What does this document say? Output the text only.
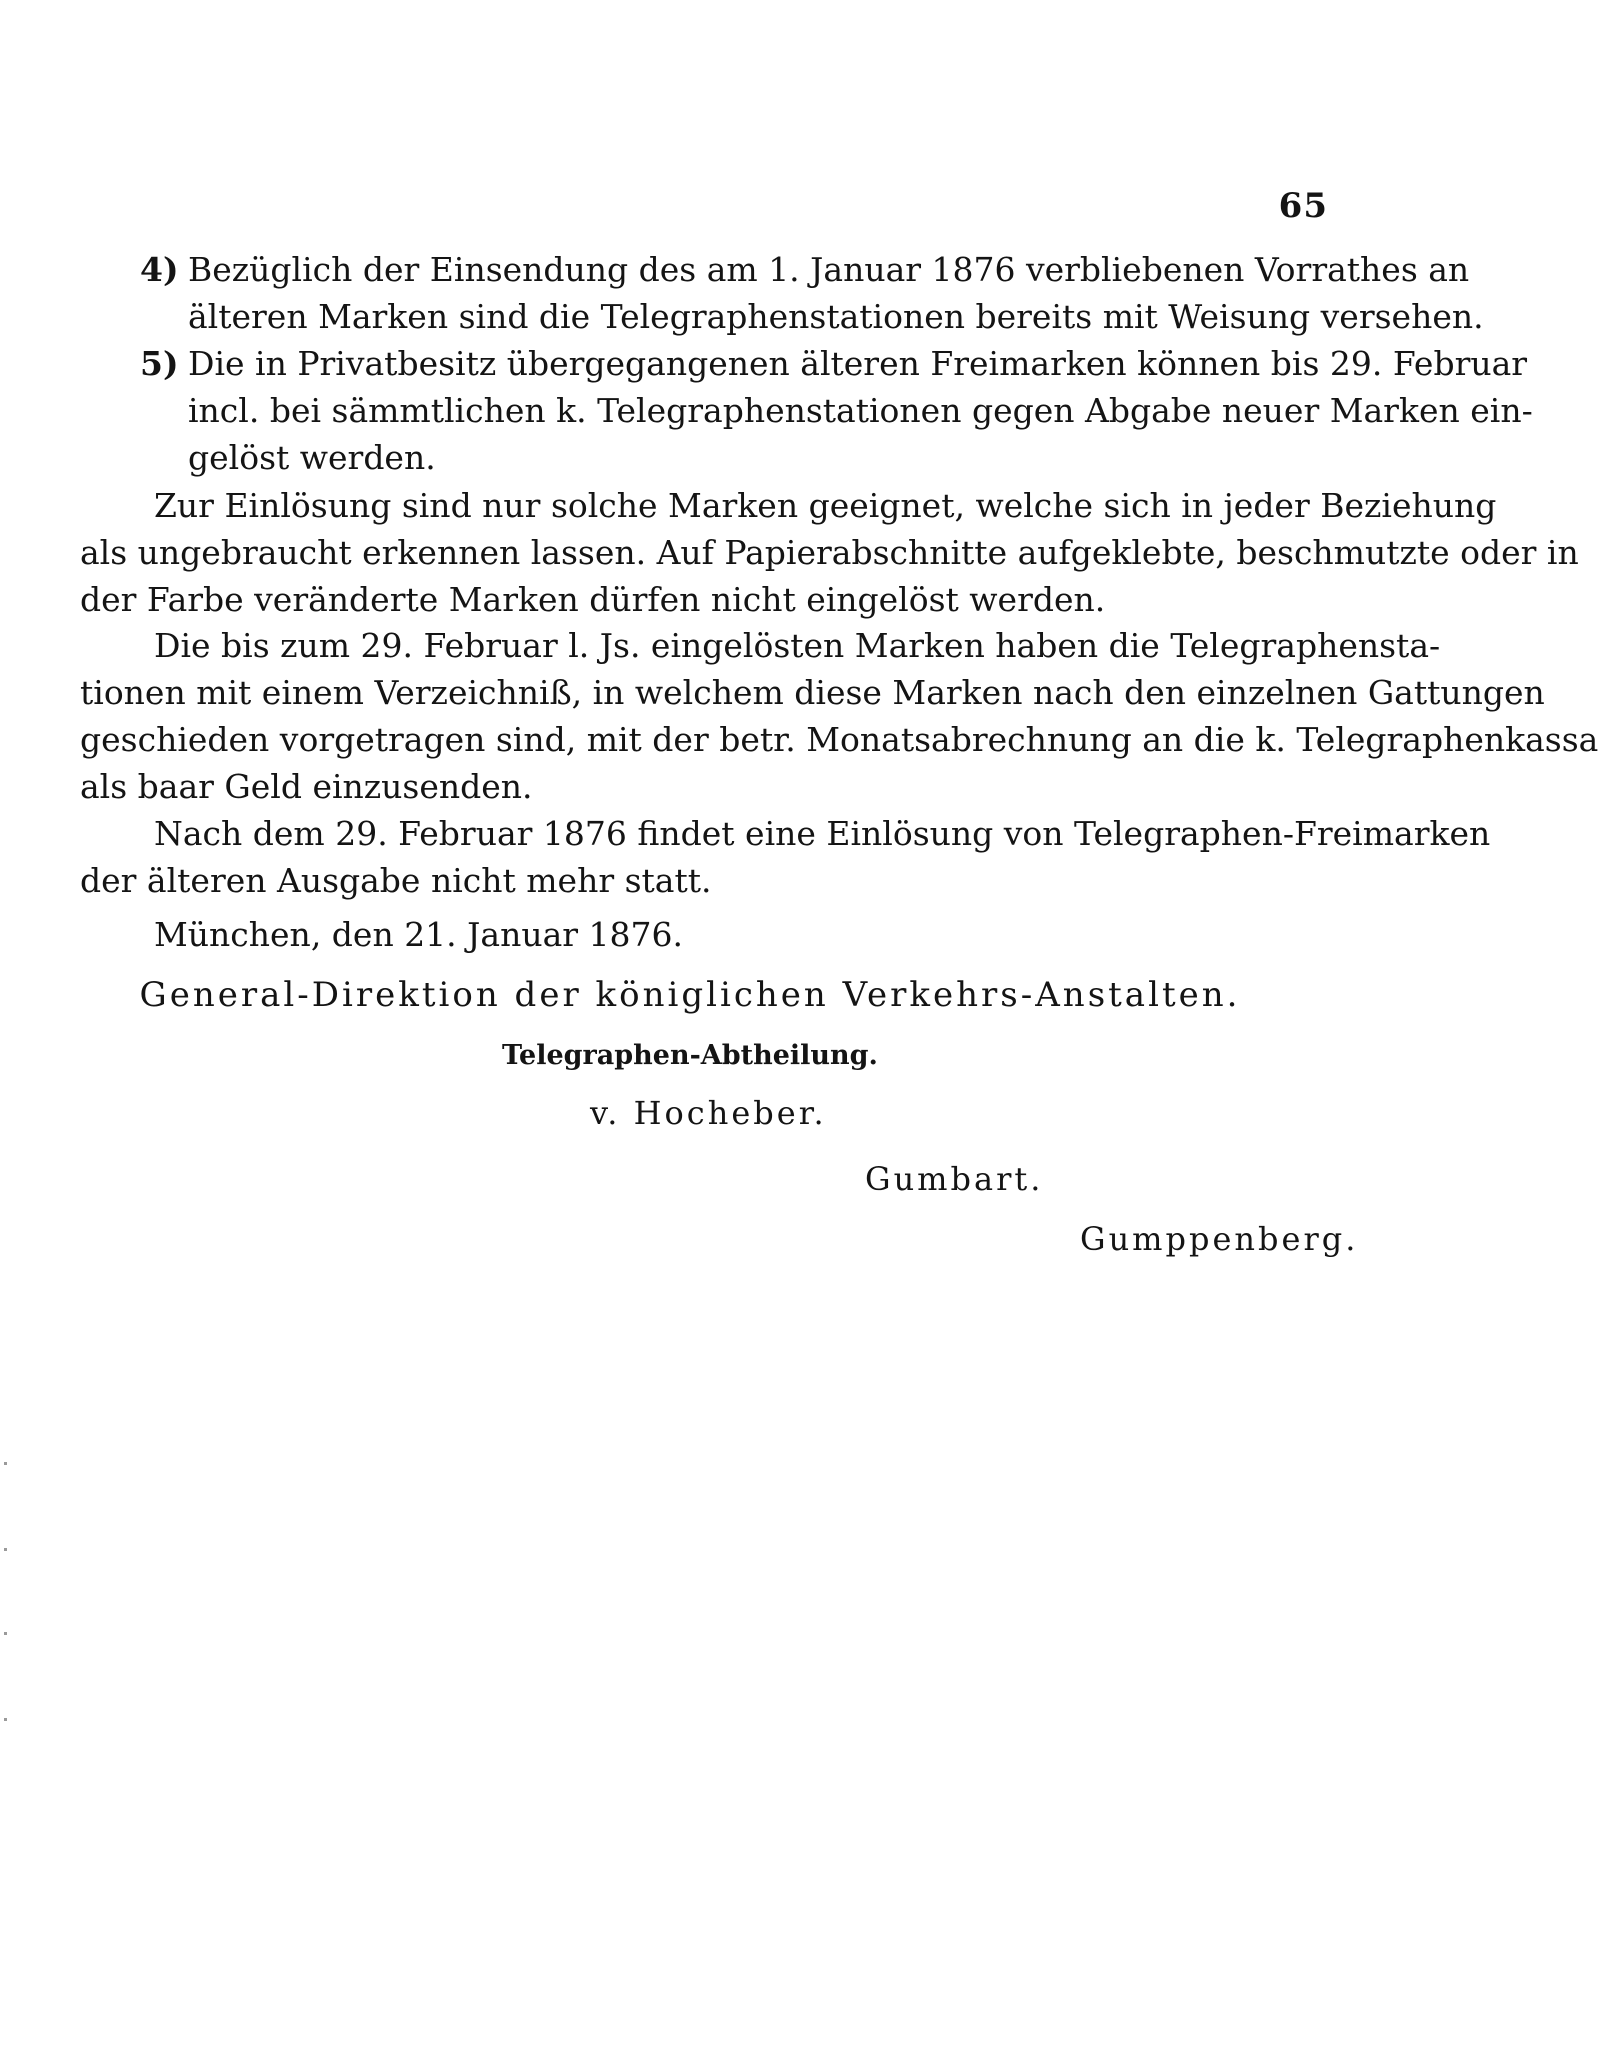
65
4) Bezüglich der Einsendung des am 1. Januar 1876 verbliebenen Vorrathes an
älteren Marken sind die Telegraphenstationen bereits mit Weisung versehen.
5) Die in Privatbesitz übergegangenen älteren Freimarken können bis 29. Februar
incl. bei sämmtlichen k. Telegraphenstationen gegen Abgabe neuer Marken ein-
gelöst werden.
Zur Einlösung sind nur solche Marken geeignet, welche sich in jeder Beziehung
als ungebraucht erkennen lassen. Auf Papierabschnitte aufgeklebte, beschmutzte oder in
der Farbe veränderte Marken dürfen nicht eingelöst werden.
Die bis zum 29. Februar l. Js. eingelösten Marken haben die Telegraphensta-
tionen mit einem Verzeichniß, in welchem diese Marken nach den einzelnen Gattungen
geschieden vorgetragen sind, mit der betr. Monatsabrechnung an die k. Telegraphenkassa
als baar Geld einzusenden.
Nach dem 29. Februar 1876 findet eine Einlösung von Telegraphen-Freimarken
der älteren Ausgabe nicht mehr statt.
München, den 21. Januar 1876.
General-Direktion der königlichen Verkehrs-Anstalten.
Telegraphen-Abtheilung.
v. Hocheber.
Gumbart.
Gumppenberg.
